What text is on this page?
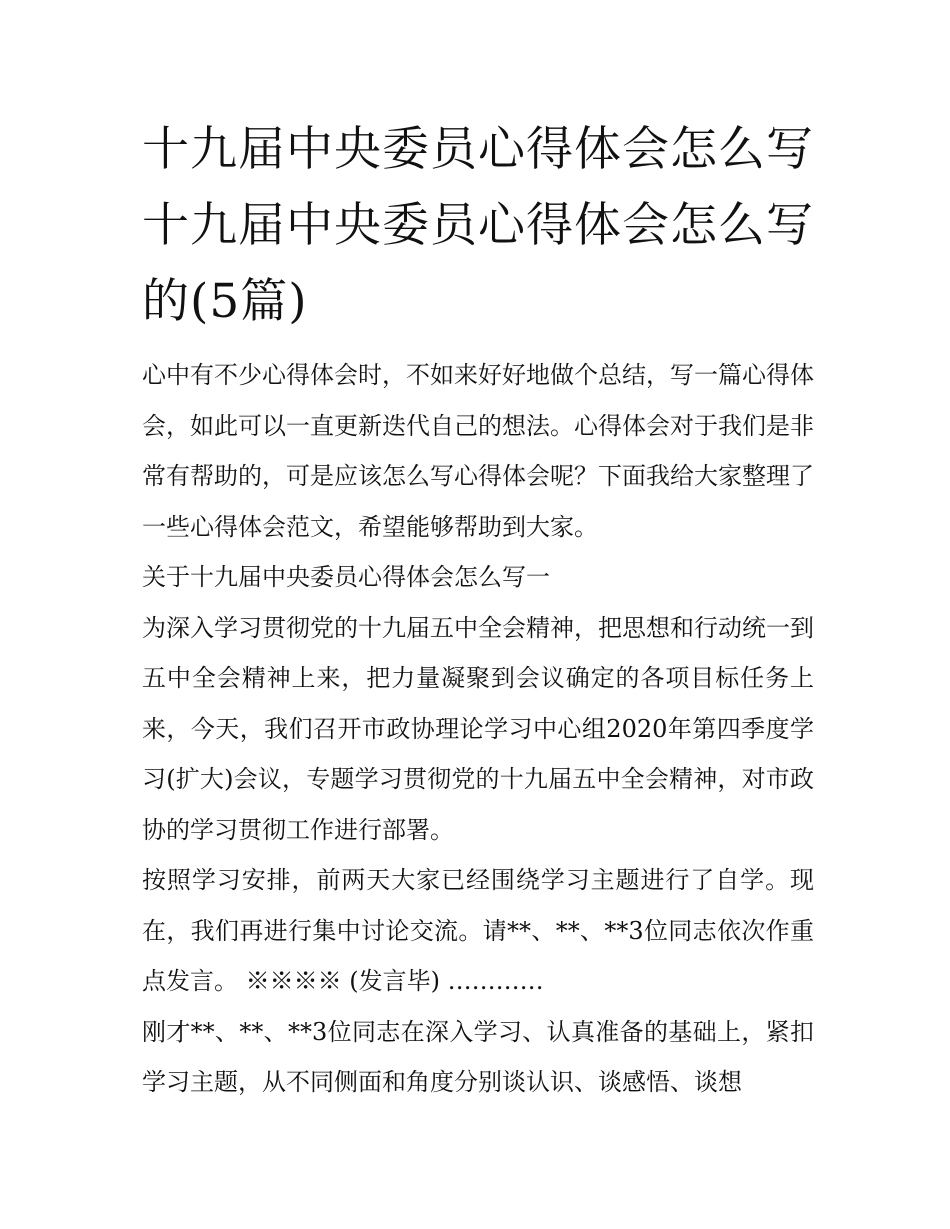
十九届中央委员心得体会怎么写 十九届中央委员心得体会怎么写的(5篇)

心中有不少心得体会时，不如来好好地做个总结，写一篇心得体会，如此可以一直更新迭代自己的想法。心得体会对于我们是非常有帮助的，可是应该怎么写心得体会呢？下面我给大家整理了一些心得体会范文，希望能够帮助到大家。

关于十九届中央委员心得体会怎么写一

为深入学习贯彻党的十九届五中全会精神，把思想和行动统一到五中全会精神上来，把力量凝聚到会议确定的各项目标任务上来，今天，我们召开市政协理论学习中心组2020年第四季度学习(扩大)会议，专题学习贯彻党的十九届五中全会精神，对市政协的学习贯彻工作进行部署。

按照学习安排，前两天大家已经围绕学习主题进行了自学。现在，我们再进行集中讨论交流。请**、**、**3位同志依次作重点发言。 ※※※※ (发言毕) …………

刚才**、**、**3位同志在深入学习、认真准备的基础上，紧扣学习主题，从不同侧面和角度分别谈认识、谈感悟、谈想
